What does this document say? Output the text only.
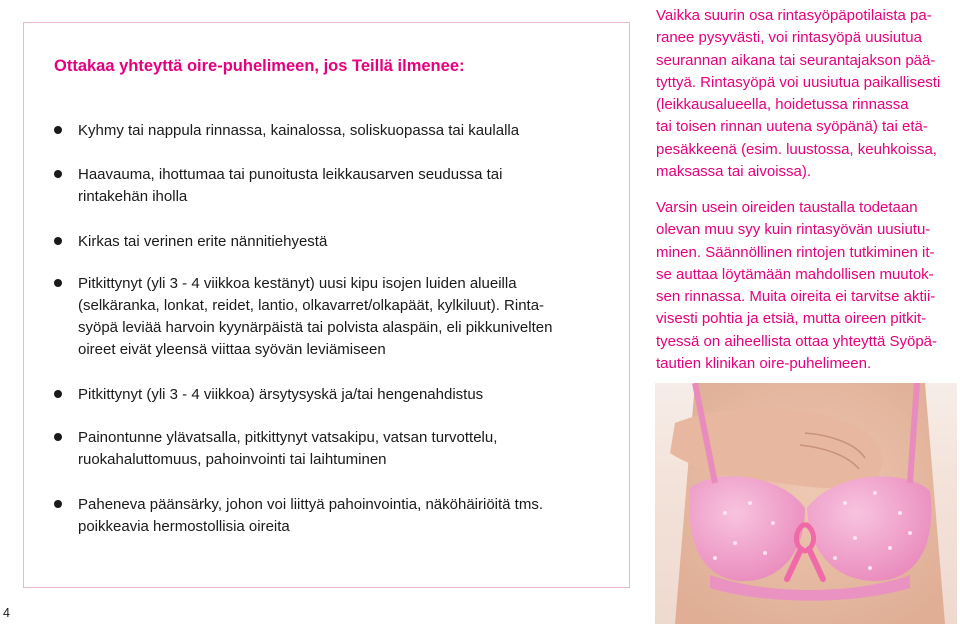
Ottakaa yhteyttä oire-puhelimeen, jos Teillä ilmenee:
Kyhmy tai nappula rinnassa, kainalossa, soliskuopassa tai kaulalla
Haavauma, ihottumaa tai punoitusta leikkausarven seudussa tai
rintakehän iholla
Kirkas tai verinen erite nännitiehyestä
Pitkittynyt (yli 3 - 4 viikkoa kestänyt) uusi kipu isojen luiden alueilla
(selkäranka, lonkat, reidet, lantio, olkavarret/olkapäät, kylkiluut). Rinta-
syöpä leviää harvoin kyynärpäistä tai polvista alaspäin, eli pikkunivelten
oireet eivät yleensä viittaa syövän leviämiseen
Pitkittynyt (yli 3 - 4 viikkoa) ärsytysyskä ja/tai hengenahdistus
Painontunne ylävatsalla, pitkittynyt vatsakipu, vatsan turvottelu,
ruokahaluttomuus, pahoinvointi tai laihtuminen
Paheneva päänsärky, johon voi liittyä pahoinvointia, näköhäiriöitä tms.
poikkeavia hermostollisia oireita

Vaikka suurin osa rintasyöpäpotilaista pa-
ranee pysyvästi, voi rintasyöpä uusiutua
seurannan aikana tai seurantajakson pää-
tyttyä. Rintasyöpä voi uusiutua paikallisesti
(leikkausalueella, hoidetussa rinnassa
tai toisen rinnan uutena syöpänä) tai etä-
pesäkkeenä (esim. luustossa, keuhkoissa,
maksassa tai aivoissa).

Varsin usein oireiden taustalla todetaan
olevan muu syy kuin rintasyövän uusiutu-
minen. Säännöllinen rintojen tutkiminen it-
se auttaa löytämään mahdollisen muutok-
sen rinnassa. Muita oireita ei tarvitse aktii-
visesti pohtia ja etsiä, mutta oireen pitkit-
tyessä on aiheellista ottaa yhteyttä Syöpä-
tautien klinikan oire-puhelimeen.

4
